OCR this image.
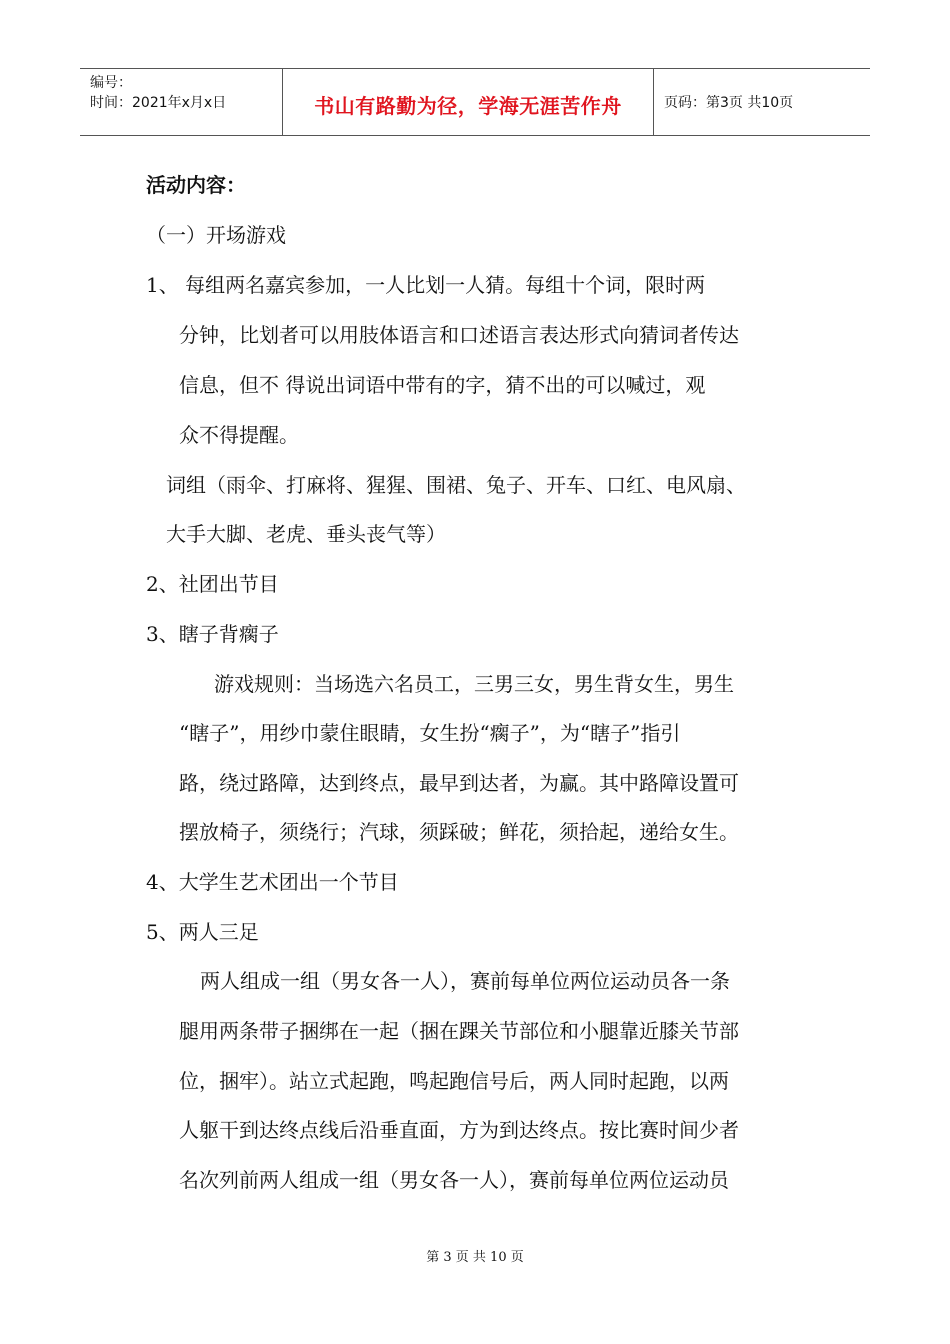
编号：
时间：2021年x月x日	书山有路勤为径，学海无涯苦作舟	页码：第3页 共10页
活动内容：
（一）开场游戏
1、 每组两名嘉宾参加，一人比划一人猜。每组十个词，限时两
分钟，比划者可以用肢体语言和口述语言表达形式向猜词者传达
信息，但不 得说出词语中带有的字，猜不出的可以喊过，观
众不得提醒。
词组（雨伞、打麻将、猩猩、围裙、兔子、开车、口红、电风扇、
大手大脚、老虎、垂头丧气等）
2、社团出节目
3、瞎子背瘸子
游戏规则：当场选六名员工，三男三女，男生背女生，男生
“瞎子”，用纱巾蒙住眼睛，女生扮“瘸子”，为“瞎子”指引
路，绕过路障，达到终点，最早到达者，为赢。其中路障设置可
摆放椅子，须绕行；汽球，须踩破；鲜花，须拾起，递给女生。
4、大学生艺术团出一个节目
5、两人三足
两人组成一组（男女各一人），赛前每单位两位运动员各一条
腿用两条带子捆绑在一起（捆在踝关节部位和小腿靠近膝关节部
位，捆牢）。站立式起跑，鸣起跑信号后，两人同时起跑，以两
人躯干到达终点线后沿垂直面，方为到达终点。按比赛时间少者
名次列前两人组成一组（男女各一人），赛前每单位两位运动员
第 3 页 共 10 页
